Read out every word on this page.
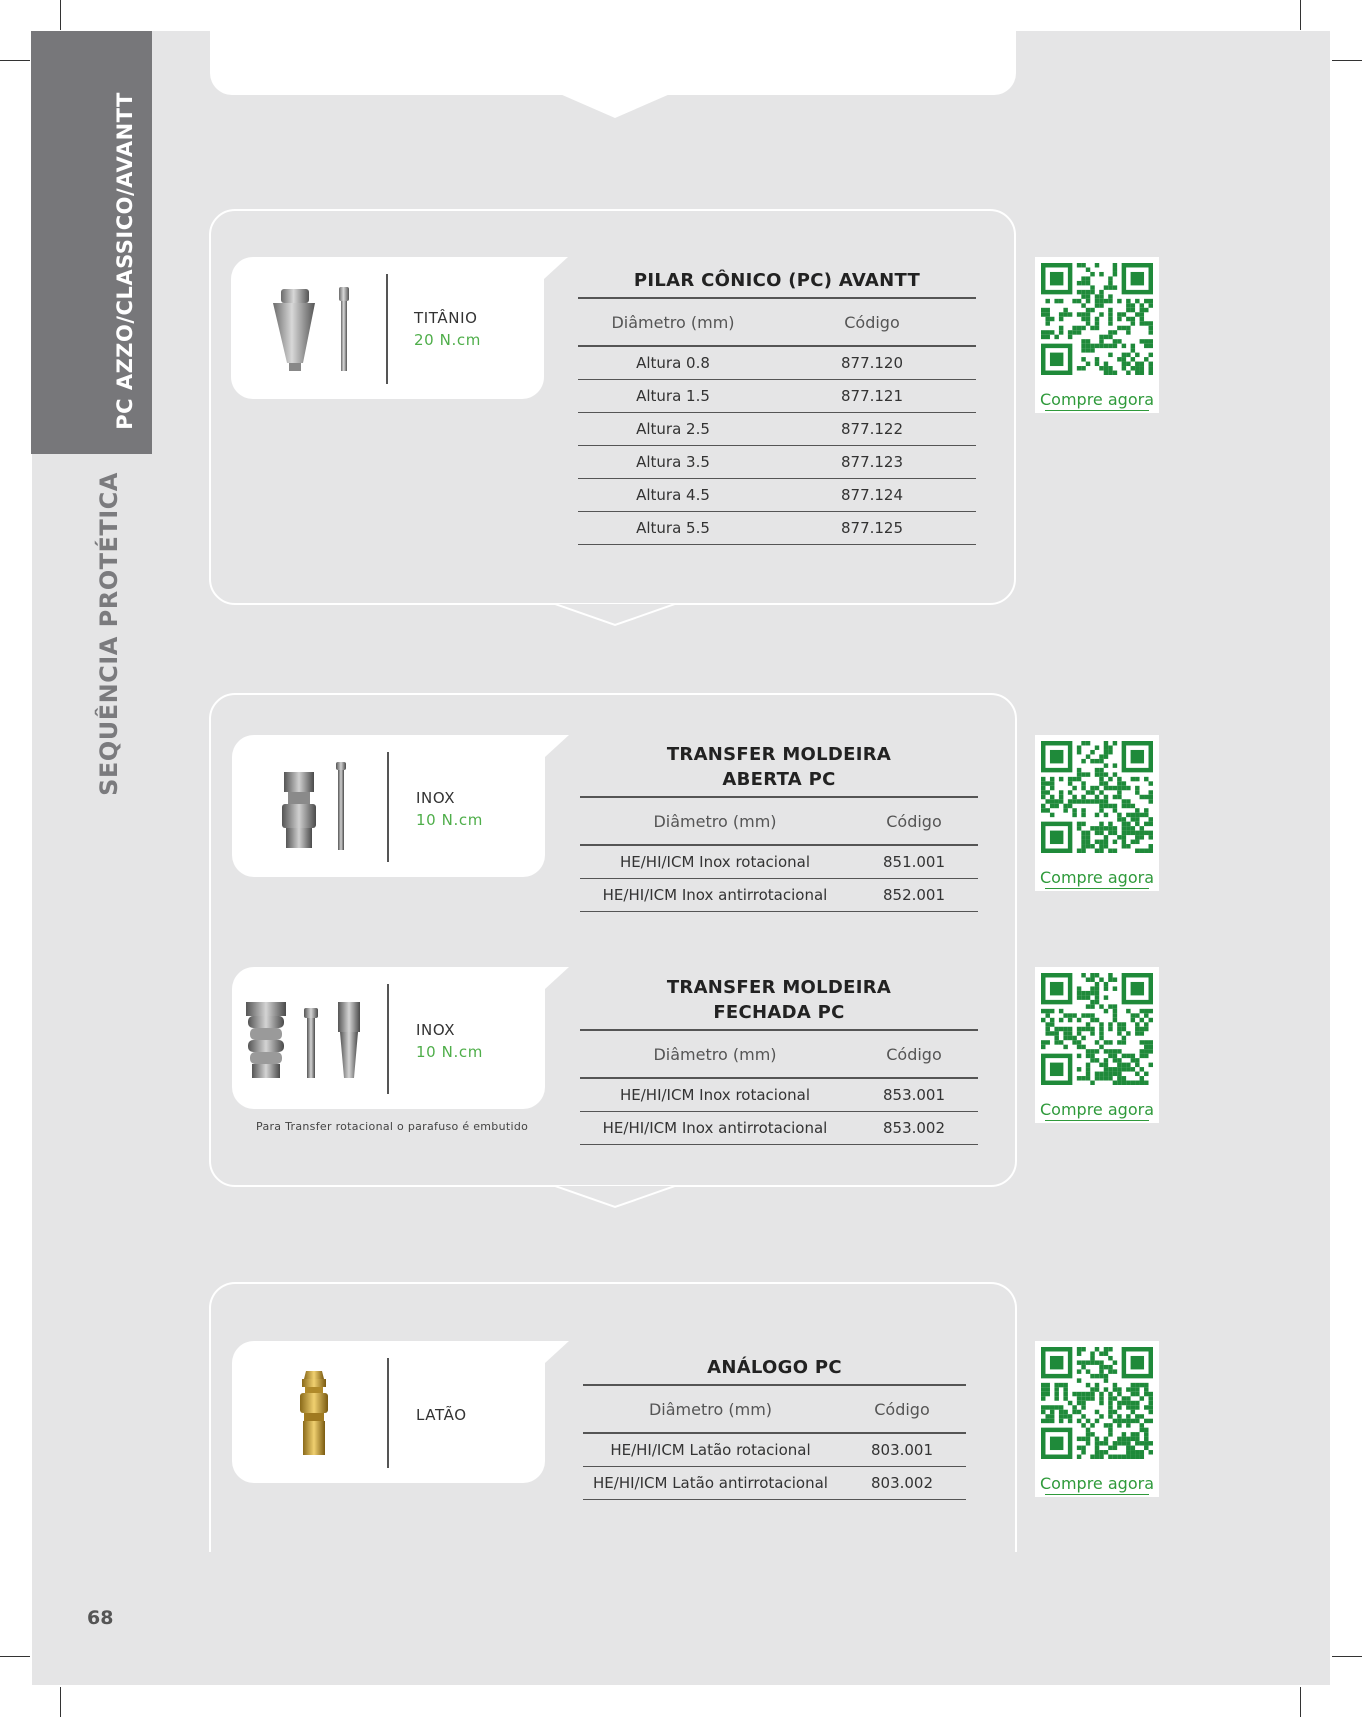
PC AZZO/CLASSICO/AVANTT
SEQUÊNCIA PROTÉTICA
68
TITÂNIO
20 N.cm
PILAR CÔNICO (PC) AVANTT
Diâmetro (mm)	Código
Altura 0.8	877.120
Altura 1.5	877.121
Altura 2.5	877.122
Altura 3.5	877.123
Altura 4.5	877.124
Altura 5.5	877.125
Compre agora
INOX
10 N.cm
TRANSFER MOLDEIRA
ABERTA PC
Diâmetro (mm)	Código
HE/HI/ICM Inox rotacional	851.001
HE/HI/ICM Inox antirrotacional	852.001
Compre agora
INOX
10 N.cm
Para Transfer rotacional o parafuso é embutido
TRANSFER MOLDEIRA
FECHADA PC
Diâmetro (mm)	Código
HE/HI/ICM Inox rotacional	853.001
HE/HI/ICM Inox antirrotacional	853.002
Compre agora
LATÃO
ANÁLOGO PC
Diâmetro (mm)	Código
HE/HI/ICM Latão rotacional	803.001
HE/HI/ICM Latão antirrotacional	803.002	Compre agora
